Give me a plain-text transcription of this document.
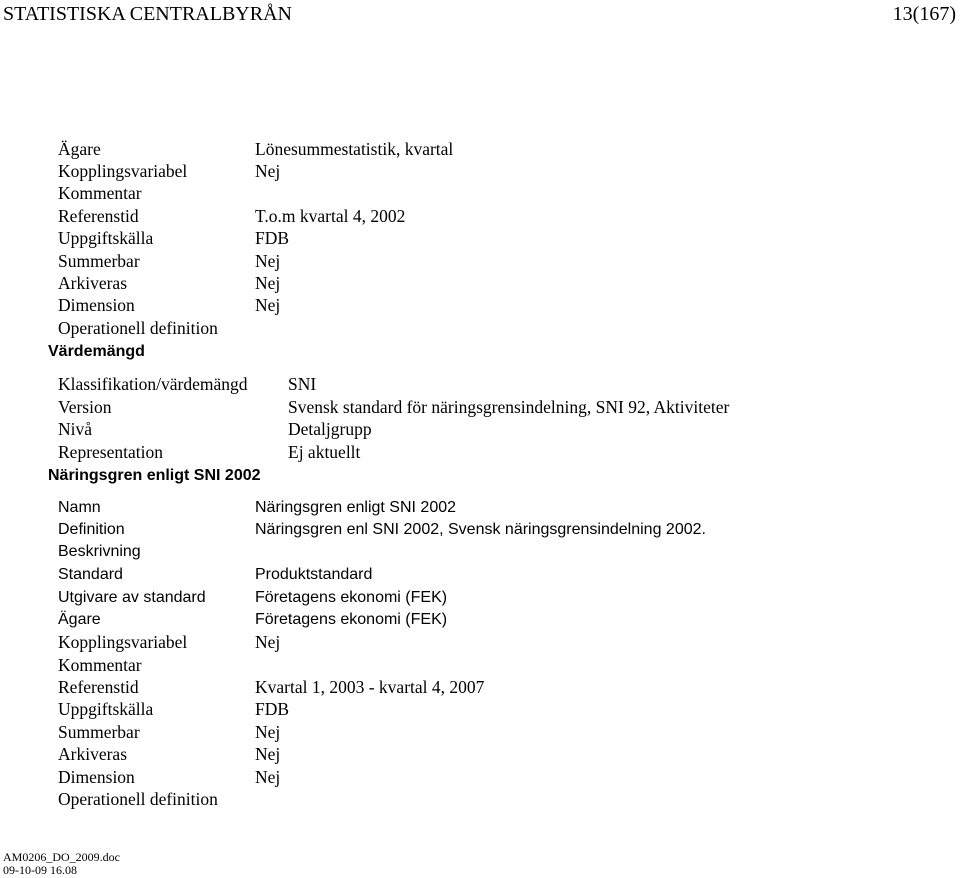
STATISTISKA CENTRALBYRÅN	13(167)
Ägare	Lönesummestatistik, kvartal
Kopplingsvariabel	Nej
Kommentar
Referenstid	T.o.m kvartal 4, 2002
Uppgiftskälla	FDB
Summerbar	Nej
Arkiveras	Nej
Dimension	Nej
Operationell definition
Värdemängd
Klassifikation/värdemängd SNI
Version	Svensk standard för näringsgrensindelning, SNI 92, Aktiviteter
Nivå	Detaljgrupp
Representation	Ej aktuellt
Näringsgren enligt SNI 2002
Namn	Näringsgren enligt SNI 2002
Definition	Näringsgren enl SNI 2002, Svensk näringsgrensindelning 2002.
Beskrivning
Standard	Produktstandard
Utgivare av standard	Företagens ekonomi (FEK)
Ägare	Företagens ekonomi (FEK)
Kopplingsvariabel	Nej
Kommentar
Referenstid	Kvartal 1, 2003 - kvartal 4, 2007
Uppgiftskälla	FDB
Summerbar	Nej
Arkiveras	Nej
Dimension	Nej
Operationell definition
AM0206_DO_2009.doc
09-10-09 16.08
